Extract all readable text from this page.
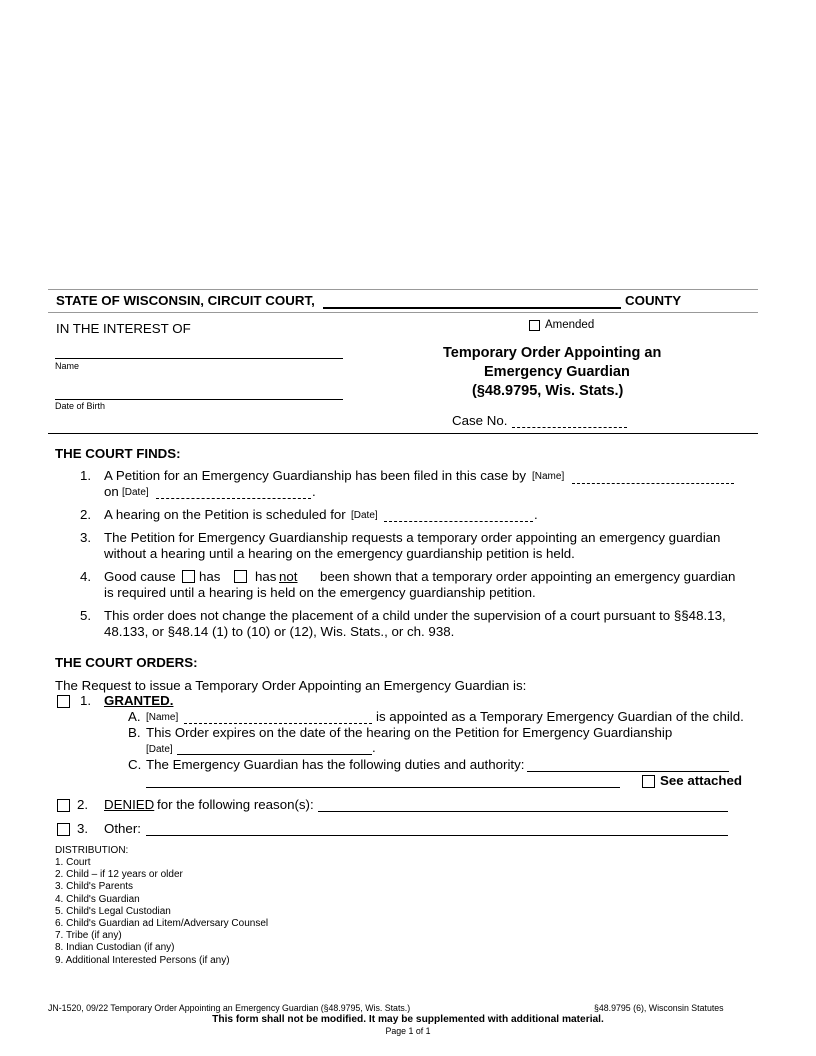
STATE OF WISCONSIN, CIRCUIT COURT,	COUNTY
IN THE INTEREST OF	Amended
Name
Date of Birth
Temporary Order Appointing an
Emergency Guardian
(§48.9795, Wis. Stats.)
Case No.
THE COURT FINDS:
1. A Petition for an Emergency Guardianship has been filed in this case by [Name]
on [Date]	.
2. A hearing on the Petition is scheduled for [Date]	.
3. The Petition for Emergency Guardianship requests a temporary order appointing an emergency guardian
without a hearing until a hearing on the emergency guardianship petition is held.
4. Good cause has	has not been shown that a temporary order appointing an emergency guardian
is required until a hearing is held on the emergency guardianship petition.
5. This order does not change the placement of a child under the supervision of a court pursuant to §§48.13,
48.133, or §48.14 (1) to (10) or (12), Wis. Stats., or ch. 938.
THE COURT ORDERS:
The Request to issue a Temporary Order Appointing an Emergency Guardian is:
1. GRANTED.
A. [Name]	is appointed as a Temporary Emergency Guardian of the child.
B. This Order expires on the date of the hearing on the Petition for Emergency Guardianship
[Date]	.
C. The Emergency Guardian has the following duties and authority:
See attached
2. DENIED for the following reason(s):
3. Other:
DISTRIBUTION:
1. Court
2. Child – if 12 years or older
3. Child's Parents
4. Child's Guardian
5. Child's Legal Custodian
6. Child's Guardian ad Litem/Adversary Counsel
7. Tribe (if any)
8. Indian Custodian (if any)
9. Additional Interested Persons (if any)
JN-1520, 09/22 Temporary Order Appointing an Emergency Guardian (§48.9795, Wis. Stats.)	§48.9795 (6), Wisconsin Statutes
This form shall not be modified. It may be supplemented with additional material.
Page 1 of 1
